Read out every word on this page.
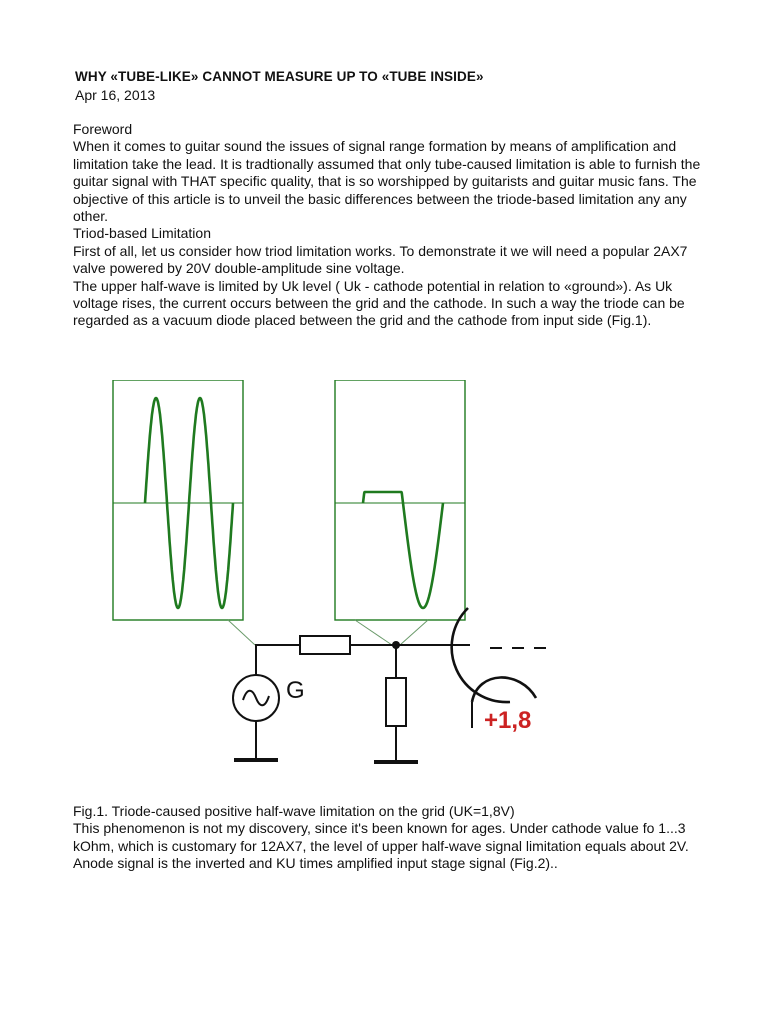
WHY «TUBE-LIKE» CANNOT MEASURE UP TO «TUBE INSIDE»
Apr 16, 2013

Foreword

When it comes to guitar sound the issues of signal range formation by means of amplification and limitation take the lead. It is tradtionally assumed that only tube-caused limitation is able to furnish the guitar signal with THAT specific quality, that is so worshipped by guitarists and guitar music fans. The objective of this article is to unveil the basic differences between the triode-based limitation any any other.

Triod-based Limitation

First of all, let us consider how triod limitation works. To demonstrate it we will need a popular 2AX7 valve powered by 20V double-amplitude sine voltage.

The upper half-wave is limited by Uk level ( Uk - cathode potential in relation to «ground»). As Uk voltage rises, the current occurs between the grid and the cathode. In such a way the triode can be regarded as a vacuum diode placed between the grid and the cathode from input side (Fig.1).

G
+1,8

Fig.1. Triode-caused positive half-wave limitation on the grid (UK=1,8V)

This phenomenon is not my discovery, since it's been known for ages. Under cathode value fo 1...3 kOhm, which is customary for 12AX7, the level of upper half-wave signal limitation equals about 2V.

Anode signal is the inverted and KU times amplified input stage signal (Fig.2)..
